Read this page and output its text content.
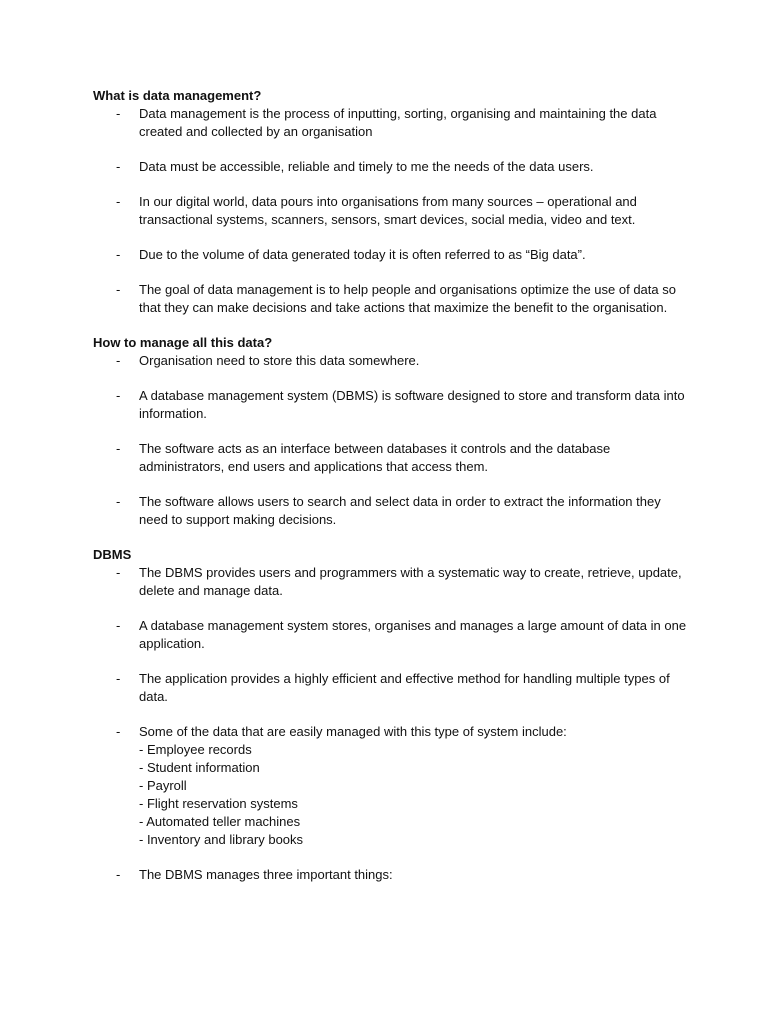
What is data management?
- Data management is the process of inputting, sorting, organising and maintaining the data created and collected by an organisation
- Data must be accessible, reliable and timely to me the needs of the data users.
- In our digital world, data pours into organisations from many sources – operational and transactional systems, scanners, sensors, smart devices, social media, video and text.
- Due to the volume of data generated today it is often referred to as “Big data”.
- The goal of data management is to help people and organisations optimize the use of data so that they can make decisions and take actions that maximize the benefit to the organisation.
How to manage all this data?
- Organisation need to store this data somewhere.
- A database management system (DBMS) is software designed to store and transform data into information.
- The software acts as an interface between databases it controls and the database administrators, end users and applications that access them.
- The software allows users to search and select data in order to extract the information they need to support making decisions.
DBMS
- The DBMS provides users and programmers with a systematic way to create, retrieve, update, delete and manage data.
- A database management system stores, organises and manages a large amount of data in one application.
- The application provides a highly efficient and effective method for handling multiple types of data.
- Some of the data that are easily managed with this type of system include:
- Employee records
- Student information
- Payroll
- Flight reservation systems
- Automated teller machines
- Inventory and library books
- The DBMS manages three important things:
